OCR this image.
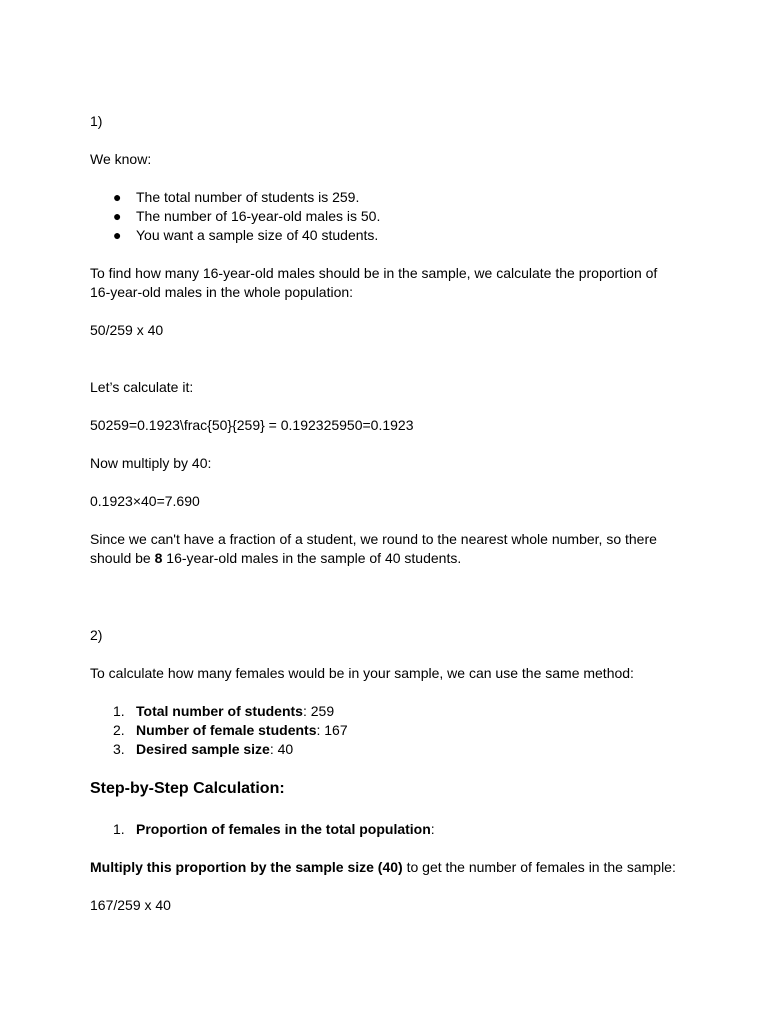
1)

We know:

● The total number of students is 259.
● The number of 16-year-old males is 50.
● You want a sample size of 40 students.

To find how many 16-year-old males should be in the sample, we calculate the proportion of

16-year-old males in the whole population:

50/259 x 40

Let’s calculate it:

50259=0.1923\frac{50}{259} = 0.192325950=0.1923

Now multiply by 40:

0.1923×40=7.690

Since we can't have a fraction of a student, we round to the nearest whole number, so there

should be 8 16-year-old males in the sample of 40 students.

2)

To calculate how many females would be in your sample, we can use the same method:

1. Total number of students: 259
2. Number of female students: 167
3. Desired sample size: 40

Step-by-Step Calculation:

1. Proportion of females in the total population:

Multiply this proportion by the sample size (40) to get the number of females in the sample:

167/259 x 40
